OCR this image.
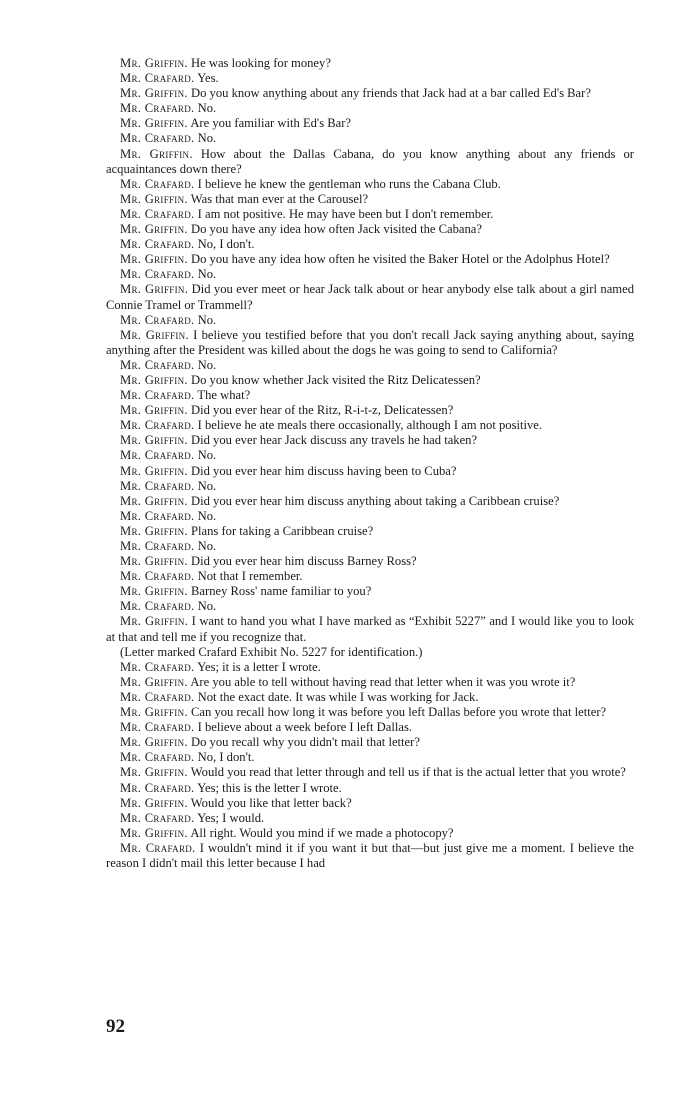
Mr. Griffin. He was looking for money?

Mr. Crafard. Yes.

Mr. Griffin. Do you know anything about any friends that Jack had at a bar called Ed's Bar?

Mr. Crafard. No.

Mr. Griffin. Are you familiar with Ed's Bar?

Mr. Crafard. No.

Mr. Griffin. How about the Dallas Cabana, do you know anything about any friends or acquaintances down there?

Mr. Crafard. I believe he knew the gentleman who runs the Cabana Club.

Mr. Griffin. Was that man ever at the Carousel?

Mr. Crafard. I am not positive. He may have been but I don't remember.

Mr. Griffin. Do you have any idea how often Jack visited the Cabana?

Mr. Crafard. No, I don't.

Mr. Griffin. Do you have any idea how often he visited the Baker Hotel or the Adolphus Hotel?

Mr. Crafard. No.

Mr. Griffin. Did you ever meet or hear Jack talk about or hear anybody else talk about a girl named Connie Tramel or Trammell?

Mr. Crafard. No.

Mr. Griffin. I believe you testified before that you don't recall Jack saying anything about, saying anything after the President was killed about the dogs he was going to send to California?

Mr. Crafard. No.

Mr. Griffin. Do you know whether Jack visited the Ritz Delicatessen?

Mr. Crafard. The what?

Mr. Griffin. Did you ever hear of the Ritz, R-i-t-z, Delicatessen?

Mr. Crafard. I believe he ate meals there occasionally, although I am not positive.

Mr. Griffin. Did you ever hear Jack discuss any travels he had taken?

Mr. Crafard. No.

Mr. Griffin. Did you ever hear him discuss having been to Cuba?

Mr. Crafard. No.

Mr. Griffin. Did you ever hear him discuss anything about taking a Caribbean cruise?

Mr. Crafard. No.

Mr. Griffin. Plans for taking a Caribbean cruise?

Mr. Crafard. No.

Mr. Griffin. Did you ever hear him discuss Barney Ross?

Mr. Crafard. Not that I remember.

Mr. Griffin. Barney Ross' name familiar to you?

Mr. Crafard. No.

Mr. Griffin. I want to hand you what I have marked as “Exhibit 5227” and I would like you to look at that and tell me if you recognize that.

(Letter marked Crafard Exhibit No. 5227 for identification.)

Mr. Crafard. Yes; it is a letter I wrote.

Mr. Griffin. Are you able to tell without having read that letter when it was you wrote it?

Mr. Crafard. Not the exact date. It was while I was working for Jack.

Mr. Griffin. Can you recall how long it was before you left Dallas before you wrote that letter?

Mr. Crafard. I believe about a week before I left Dallas.

Mr. Griffin. Do you recall why you didn't mail that letter?

Mr. Crafard. No, I don't.

Mr. Griffin. Would you read that letter through and tell us if that is the actual letter that you wrote?

Mr. Crafard. Yes; this is the letter I wrote.

Mr. Griffin. Would you like that letter back?

Mr. Crafard. Yes; I would.

Mr. Griffin. All right. Would you mind if we made a photocopy?

Mr. Crafard. I wouldn't mind it if you want it but that—but just give me a moment. I believe the reason I didn't mail this letter because I had

92
